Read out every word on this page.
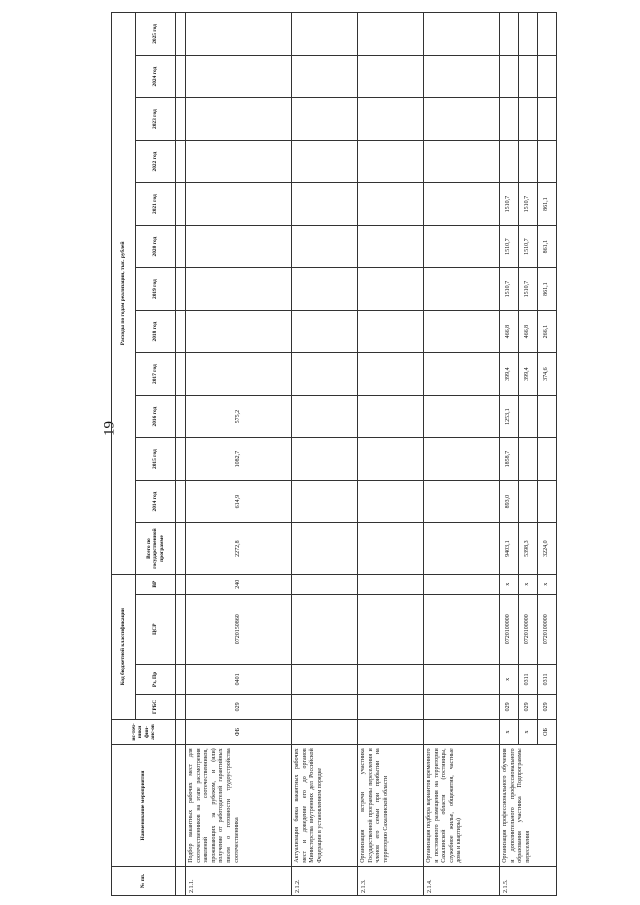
19
№ пп.	Наименование мероприятия	ис-точ-ники фин-анс-ов	Код бюджетной классификации				Расходы по годам реализации, тыс. рублей												
			ГРБС	Рз, Пр	ЦСР	ВР	Всего по государственной программе	2014 год	2015 год	2016 год	2017 год	2018 год	2019 год	2020 год	2021 год	2022 год	2023 год	2024 год	2025 год

2.1.1.	Подбор вакантных рабочих мест для соотечественников на этапе рассмотрения заявлений соотечественников, проживающих за рубежом, и (или) получение от работодателей гарантийных писем о готовности трудоустройства соотечественника	ФБ	029	0401	0720150860	240	2272,8	614,9	1082,7	575,2									
2.1.2.	Актуализация банка вакантных рабочих мест и доведение его до органов Министерства внутренних дел Российской Федерации в установленном порядке																		
2.1.3.	Организация встречи участника Государственной программы переселения и членов его семьи при прибытии на территорию Сахалинской области																		
2.1.4.	Организация подбора вариантов временного и постоянного размещения на территории Сахалинской области (гостиницы, служебное жилье, общежития, частные дома и квартиры)																		
2.1.5.	Организация профессионального обучения и дополнительного профессионального образования участника Подпрограммы переселения	x	029	x	0720100000	x	9403,1	893,0	1858,7	1253,1	399,4	466,8	1510,7	1510,7	1510,7				
		x	029	0311	0720100000	x	5398,3				399,4	466,8	1510,7	1510,7	1510,7				
		ОБ	029	0311	0720100000	x	3224,0				374,6	266,1	861,1	861,1	861,1				
